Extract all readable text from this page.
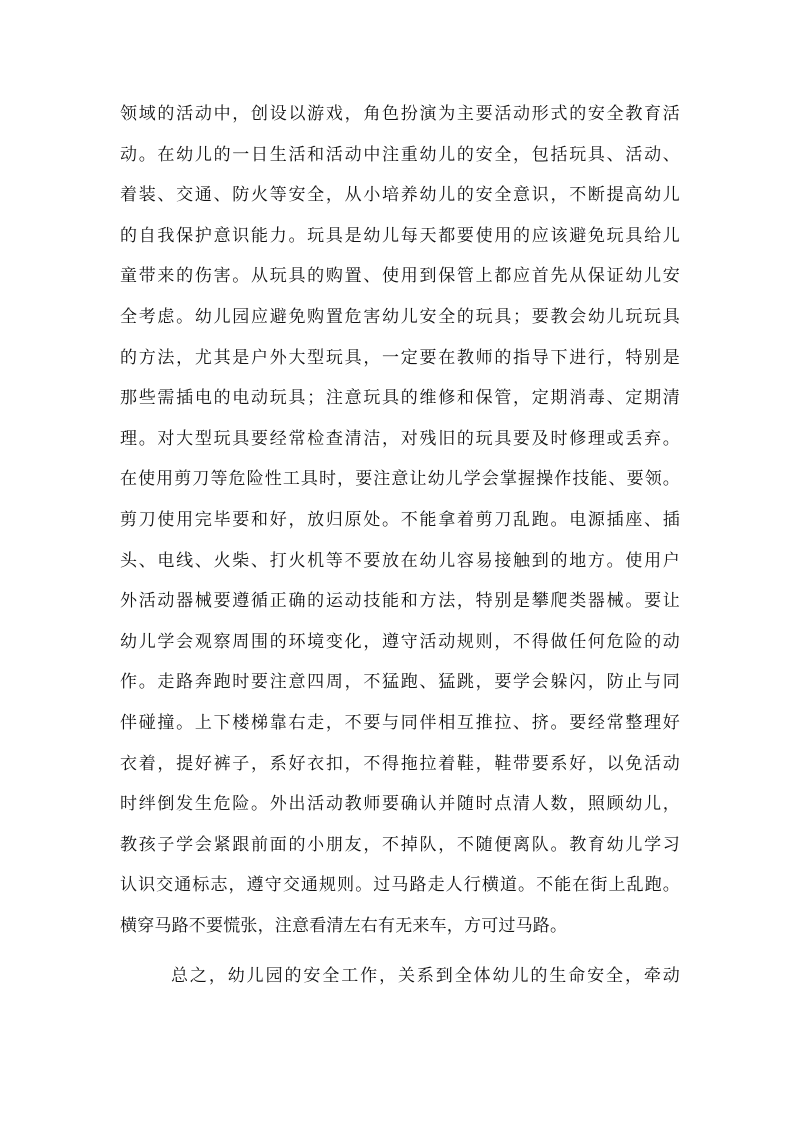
领域的活动中，创设以游戏，角色扮演为主要活动形式的安全教育活
动。在幼儿的一日生活和活动中注重幼儿的安全，包括玩具、活动、
着装、交通、防火等安全，从小培养幼儿的安全意识，不断提高幼儿
的自我保护意识能力。玩具是幼儿每天都要使用的应该避免玩具给儿
童带来的伤害。从玩具的购置、使用到保管上都应首先从保证幼儿安
全考虑。幼儿园应避免购置危害幼儿安全的玩具；要教会幼儿玩玩具
的方法，尤其是户外大型玩具，一定要在教师的指导下进行，特别是
那些需插电的电动玩具；注意玩具的维修和保管，定期消毒、定期清
理。对大型玩具要经常检查清洁，对残旧的玩具要及时修理或丢弃。
在使用剪刀等危险性工具时，要注意让幼儿学会掌握操作技能、要领。
剪刀使用完毕要和好，放归原处。不能拿着剪刀乱跑。电源插座、插
头、电线、火柴、打火机等不要放在幼儿容易接触到的地方。使用户
外活动器械要遵循正确的运动技能和方法，特别是攀爬类器械。要让
幼儿学会观察周围的环境变化，遵守活动规则，不得做任何危险的动
作。走路奔跑时要注意四周，不猛跑、猛跳，要学会躲闪，防止与同
伴碰撞。上下楼梯靠右走，不要与同伴相互推拉、挤。要经常整理好
衣着，提好裤子，系好衣扣，不得拖拉着鞋，鞋带要系好，以免活动
时绊倒发生危险。外出活动教师要确认并随时点清人数，照顾幼儿，
教孩子学会紧跟前面的小朋友，不掉队，不随便离队。教育幼儿学习
认识交通标志，遵守交通规则。过马路走人行横道。不能在街上乱跑。
横穿马路不要慌张，注意看清左右有无来车，方可过马路。
总之，幼儿园的安全工作，关系到全体幼儿的生命安全，牵动
